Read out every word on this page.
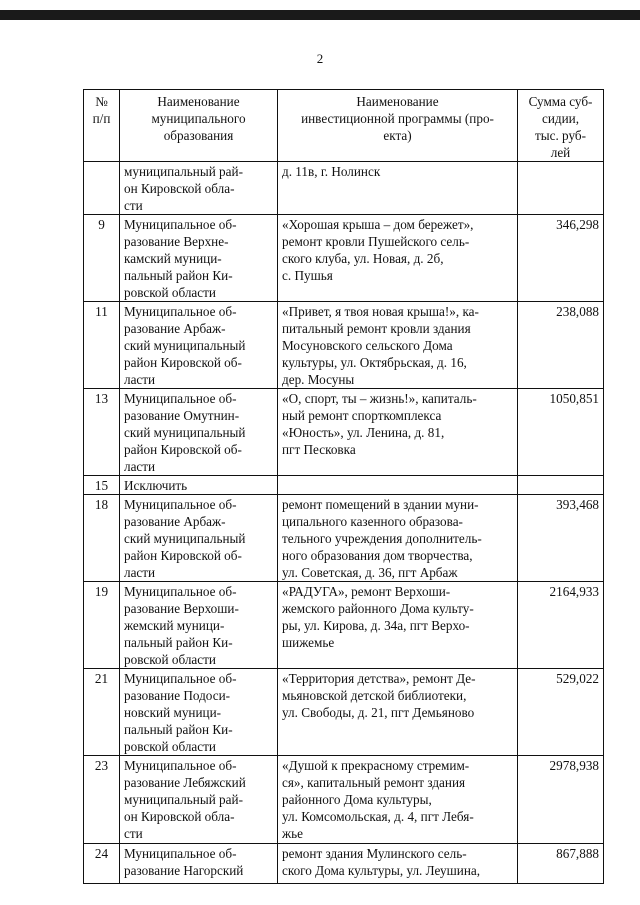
2
№
п/п	Наименование
муниципального
образования	Наименование
инвестиционной программы (про-
екта)	Сумма суб-
сидии,
тыс. руб-
лей
	муниципальный рай-
он Кировской обла-
сти	д. 11в, г. Нолинск	
9	Муниципальное об-
разование Верхне-
камский муници-
пальный район Ки-
ровской области	«Хорошая крыша – дом бережет»,
ремонт кровли Пушейского сель-
ского клуба, ул. Новая, д. 2б,
с. Пушья	346,298
11	Муниципальное об-
разование Арбаж-
ский муниципальный
район Кировской об-
ласти	«Привет, я твоя новая крыша!», ка-
питальный ремонт кровли здания
Мосуновского сельского Дома
культуры, ул. Октябрьская, д. 16,
дер. Мосуны	238,088
13	Муниципальное об-
разование Омутнин-
ский муниципальный
район Кировской об-
ласти	«О, спорт, ты – жизнь!», капиталь-
ный ремонт спорткомплекса
«Юность», ул. Ленина, д. 81,
пгт Песковка	1050,851
15	Исключить		
18	Муниципальное об-
разование Арбаж-
ский муниципальный
район Кировской об-
ласти	ремонт помещений в здании муни-
ципального казенного образова-
тельного учреждения дополнитель-
ного образования дом творчества,
ул. Советская, д. 36, пгт Арбаж	393,468
19	Муниципальное об-
разование Верхоши-
жемский муници-
пальный район Ки-
ровской области	«РАДУГА», ремонт Верхоши-
жемского районного Дома культу-
ры, ул. Кирова, д. 34а, пгт Верхо-
шижемье	2164,933
21	Муниципальное об-
разование Подоси-
новский муници-
пальный район Ки-
ровской области	«Территория детства», ремонт Де-
мьяновской детской библиотеки,
ул. Свободы, д. 21, пгт Демьяново	529,022
23	Муниципальное об-
разование Лебяжский
муниципальный рай-
он Кировской обла-
сти	«Душой к прекрасному стремим-
ся», капитальный ремонт здания
районного Дома культуры,
ул. Комсомольская, д. 4, пгт Лебя-
жье	2978,938
24	Муниципальное об-
разование Нагорский	ремонт здания Мулинского сель-
ского Дома культуры, ул. Леушина,	867,888
